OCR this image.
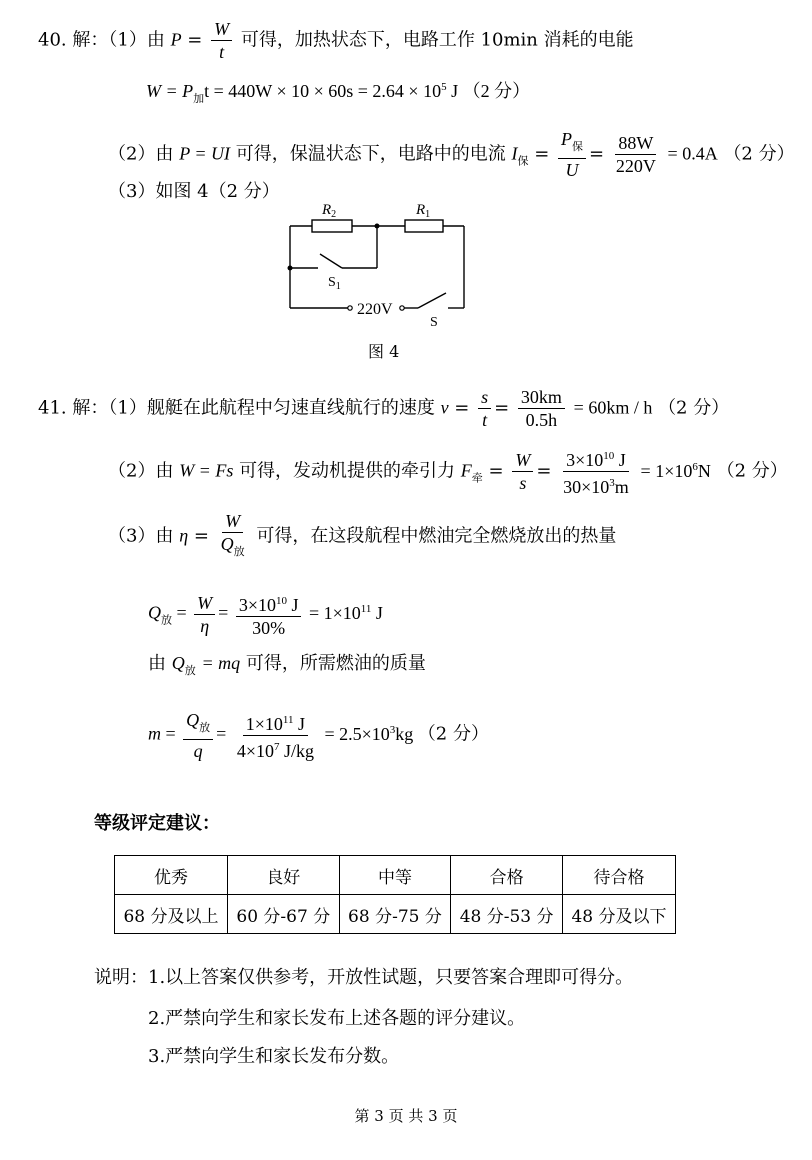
40. 解：（1）由 $P = \frac{W}{t}$ 可得，加热状态下，电路工作 10min 消耗的电能
$W = P_加t = 440W \times 10 \times 60s = 2.64 \times 10^5$ J （2 分）
（2）由 P = UI 可得，保温状态下，电路中的电流 $I_保 = \frac{P_保}{U} = \frac{88W}{220V} = 0.4A$ （2 分）
（3）如图 4（2 分）
$R_2$	$R_1$
$S_1$
220V
S
图 4
41. 解：（1）舰艇在此航程中匀速直线航行的速度 $v = \frac{s}{t} = \frac{30km}{0.5h} = 60km / h$ （2 分）
（2）由 W = Fs 可得，发动机提供的牵引力 $F_牵 = \frac{W}{s} = \frac{3\times 10^{10} J}{30\times 10^3m} = 1\times 10^6N$ （2 分）
（3）由 $\eta = \frac{W}{Q_放}$ 可得，在这段航程中燃油完全燃烧放出的热量
$Q_放 = \frac{W}{\eta} = \frac{3\times 10^{10} J}{30\%} = 1\times 10^{11}$ J
由 $Q_放$ = mq 可得，所需燃油的质量
$m = \frac{Q_放}{q} = \frac{1\times 10^{11} J}{4\times 10^7 J/kg} = 2.5\times 10^3kg$ （2 分）
等级评定建议：
优秀	良好	中等	合格	待合格
68 分及以上	60 分-67 分	68 分-75 分	48 分-53 分	48 分及以下
说明：1.以上答案仅供参考，开放性试题，只要答案合理即可得分。
2.严禁向学生和家长发布上述各题的评分建议。
3.严禁向学生和家长发布分数。
第 3 页 共 3 页
